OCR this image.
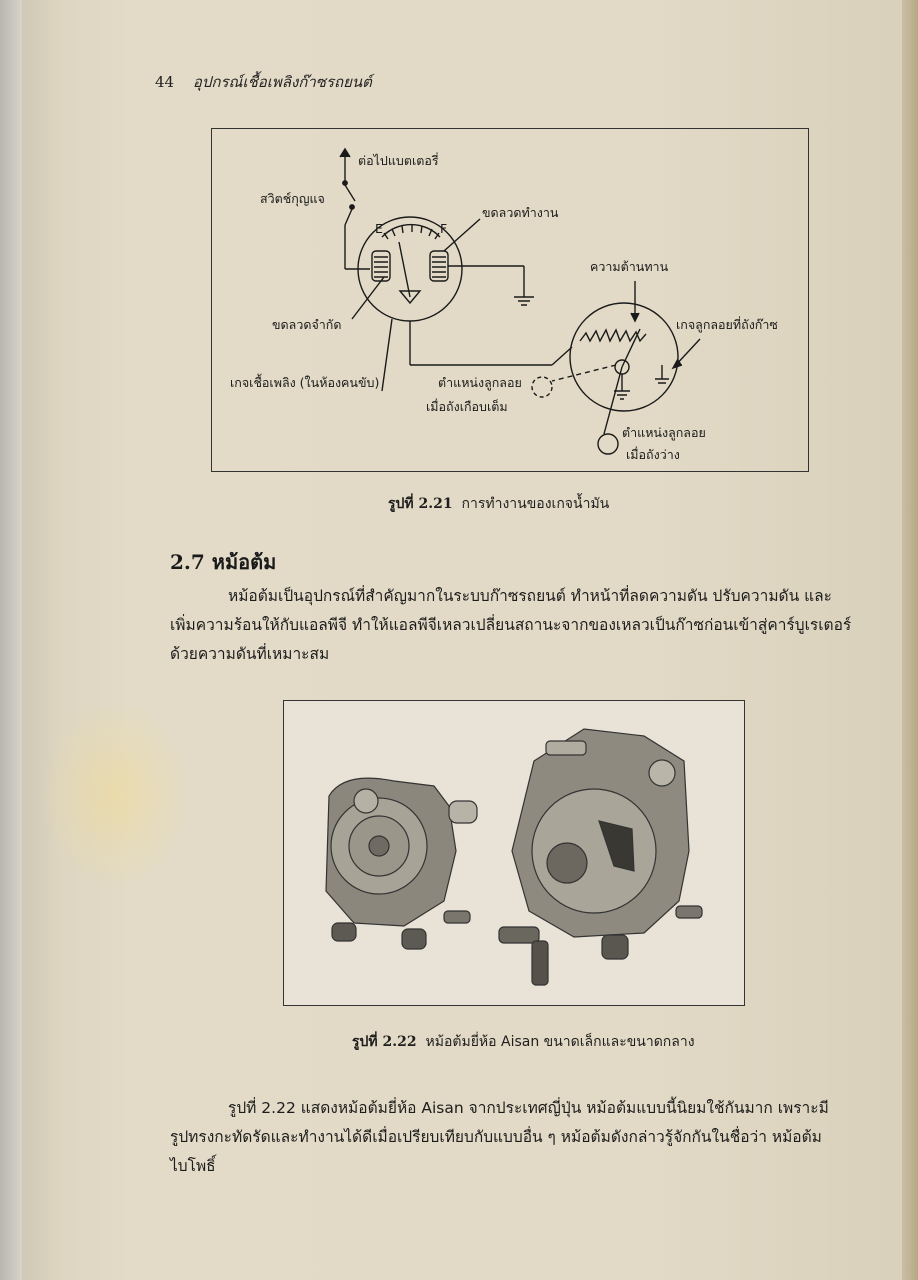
44 อุปกรณ์เชื้อเพลิงก๊าซรถยนต์
ต่อไปแบตเตอรี่
สวิตช์กุญแจ
ขดลวดทำงาน
ความต้านทาน
เกจลูกลอยที่ถังก๊าซ
ขดลวดจำกัด
เกจเชื้อเพลิง (ในห้องคนขับ)	ตำแหน่งลูกลอย
เมื่อถังเกือบเต็ม
ตำแหน่งลูกลอย
เมื่อถังว่าง
E	F
รูปที่ 2.21 การทำงานของเกจน้ำมัน
2.7 หม้อต้ม
หม้อต้มเป็นอุปกรณ์ที่สำคัญมากในระบบก๊าซรถยนต์ ทำหน้าที่ลดความดัน ปรับความดัน และ
เพิ่มความร้อนให้กับแอลพีจี ทำให้แอลพีจีเหลวเปลี่ยนสถานะจากของเหลวเป็นก๊าซก่อนเข้าสู่คาร์บูเรเตอร์
ด้วยความดันที่เหมาะสม
รูปที่ 2.22 หม้อต้มยี่ห้อ Aisan ขนาดเล็กและขนาดกลาง
รูปที่ 2.22 แสดงหม้อต้มยี่ห้อ Aisan จากประเทศญี่ปุ่น หม้อต้มแบบนี้นิยมใช้กันมาก เพราะมี
รูปทรงกะทัดรัดและทำงานได้ดีเมื่อเปรียบเทียบกับแบบอื่น ๆ หม้อต้มดังกล่าวรู้จักกันในชื่อว่า หม้อต้ม
ไบโพธิ์
